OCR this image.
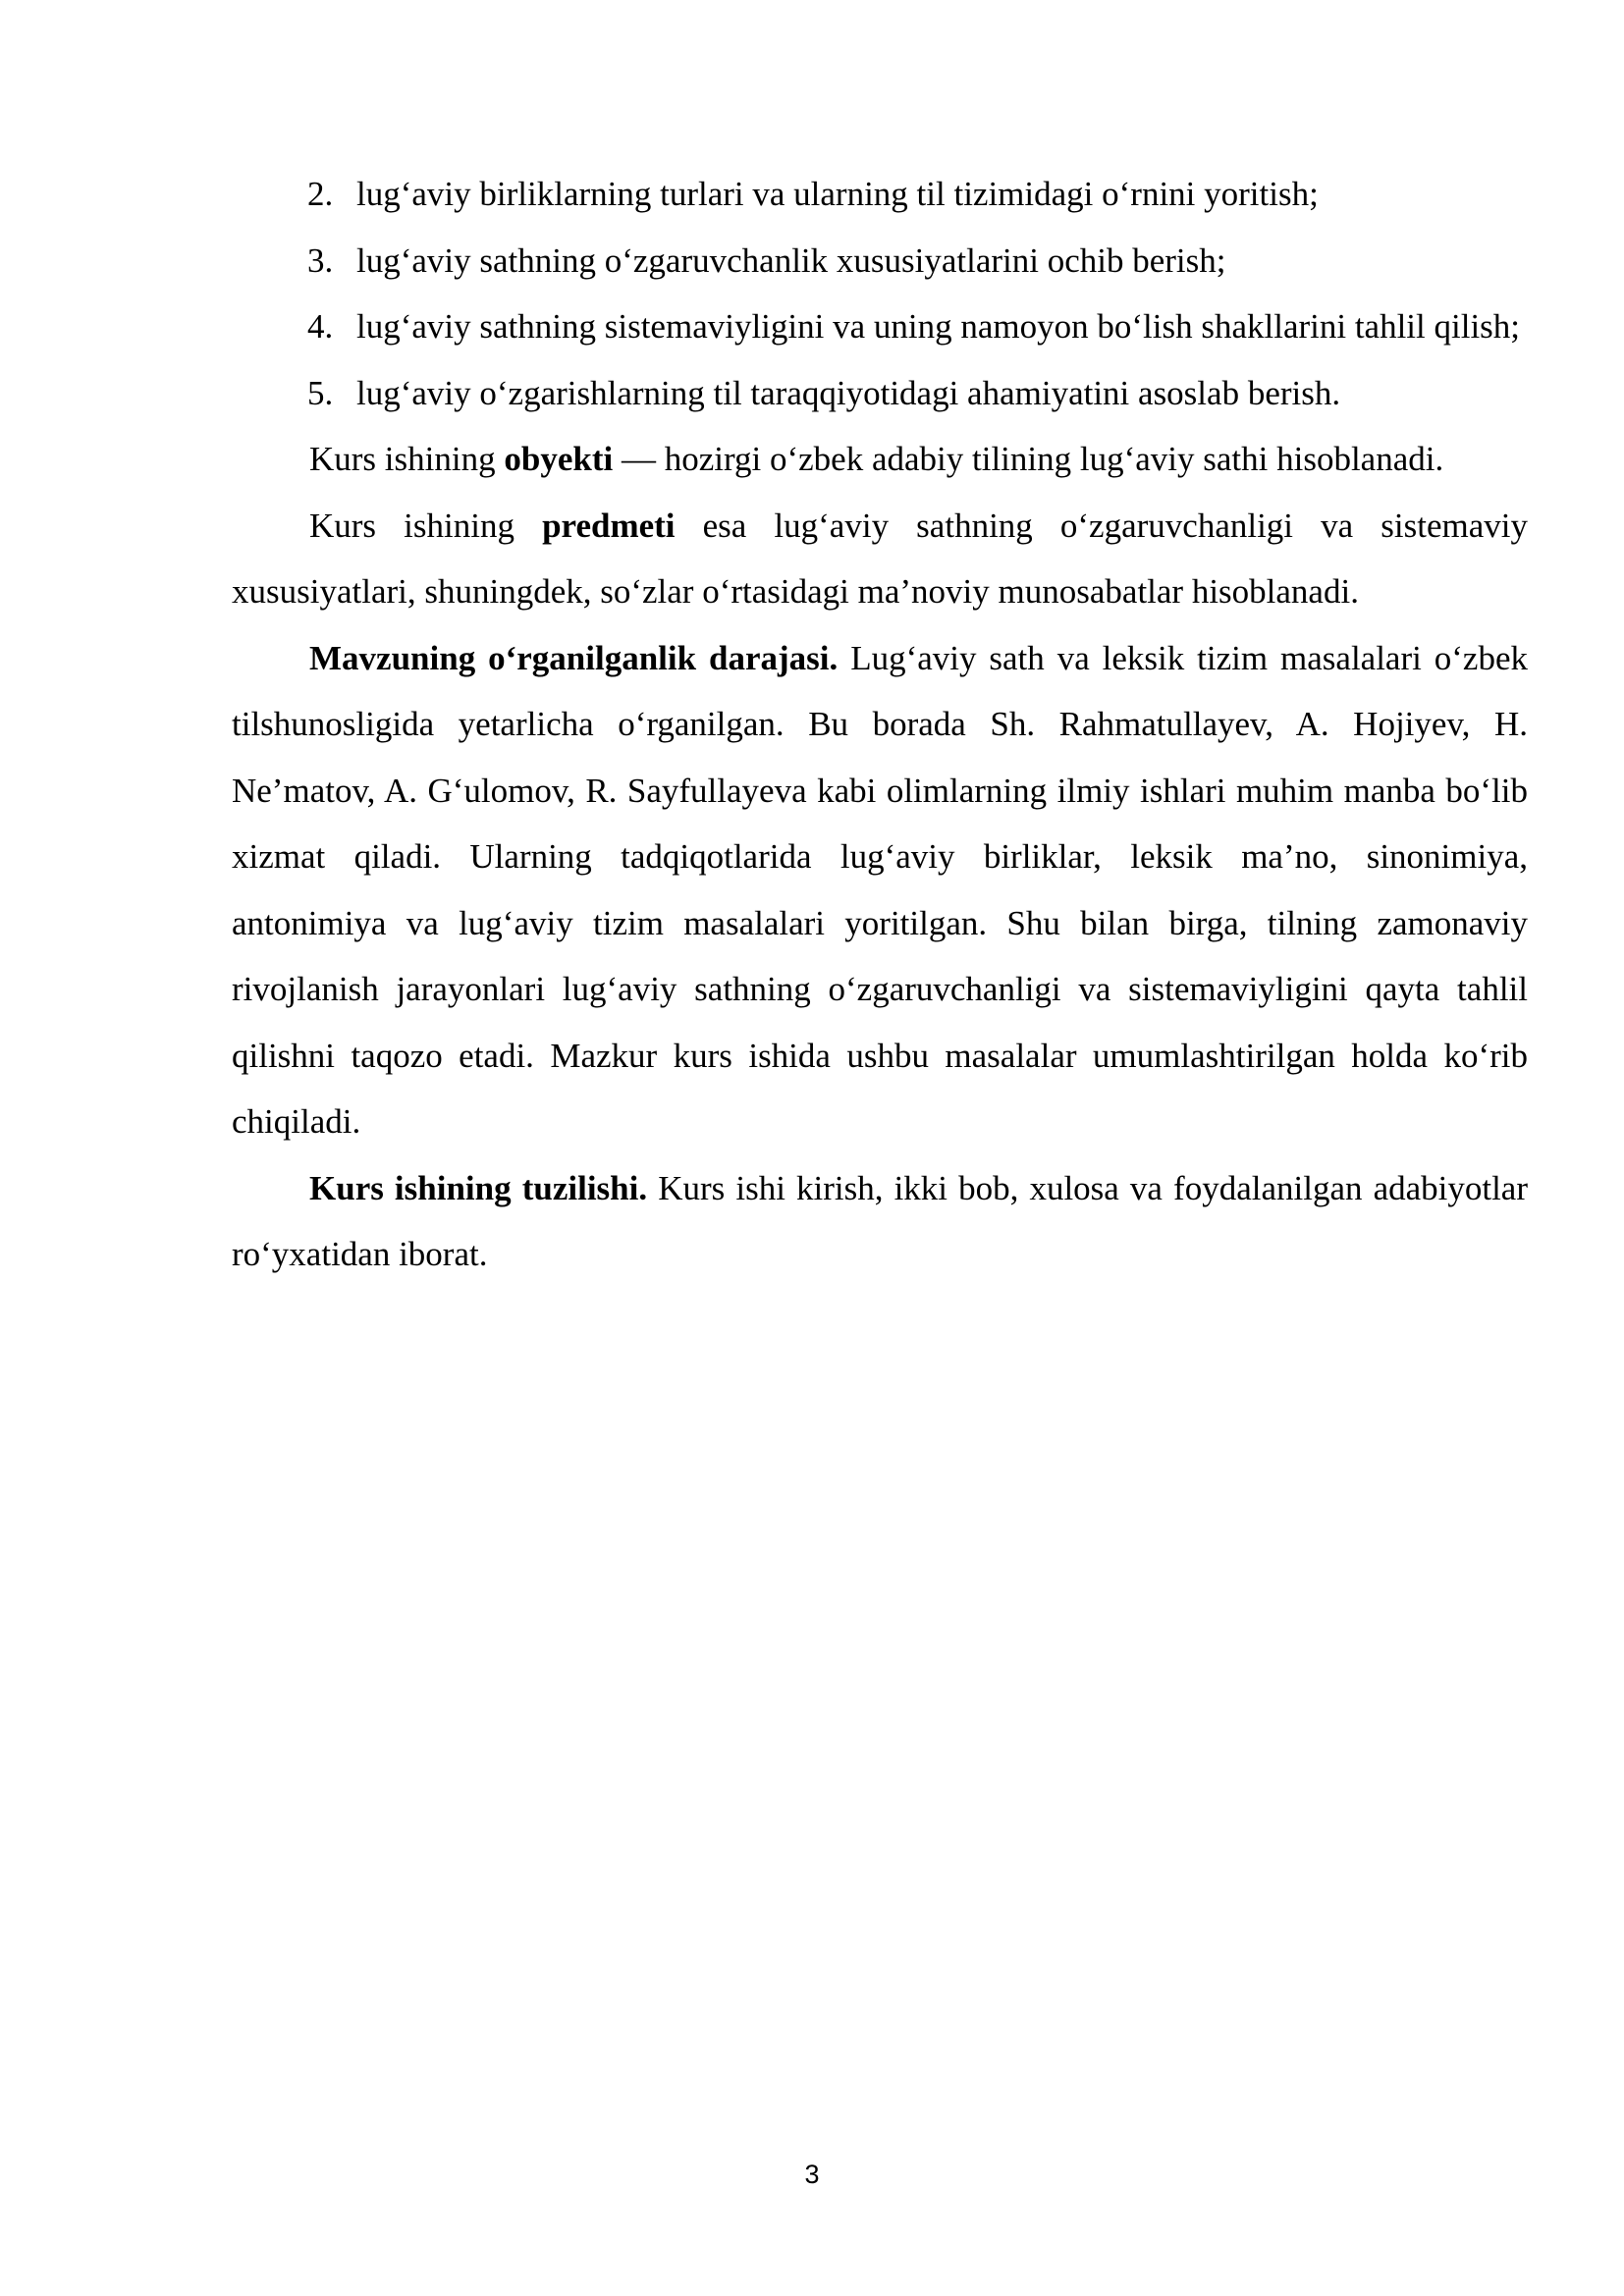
2. lug‘aviy birliklarning turlari va ularning til tizimidagi o‘rnini yoritish;
3. lug‘aviy sathning o‘zgaruvchanlik xususiyatlarini ochib berish;
4. lug‘aviy sathning sistemaviyligini va uning namoyon bo‘lish shakllarini tahlil qilish;
5. lug‘aviy o‘zgarishlarning til taraqqiyotidagi ahamiyatini asoslab berish.

Kurs ishining obyekti — hozirgi o‘zbek adabiy tilining lug‘aviy sathi hisoblanadi.

Kurs ishining predmeti esa lug‘aviy sathning o‘zgaruvchanligi va sistemaviy xususiyatlari, shuningdek, so‘zlar o‘rtasidagi ma’noviy munosabatlar hisoblanadi.

Mavzuning o‘rganilganlik darajasi. Lug‘aviy sath va leksik tizim masalalari o‘zbek tilshunosligida yetarlicha o‘rganilgan. Bu borada Sh. Rahmatullayev, A. Hojiyev, H. Ne’matov, A. G‘ulomov, R. Sayfullayeva kabi olimlarning ilmiy ishlari muhim manba bo‘lib xizmat qiladi. Ularning tadqiqotlarida lug‘aviy birliklar, leksik ma’no, sinonimiya, antonimiya va lug‘aviy tizim masalalari yoritilgan. Shu bilan birga, tilning zamonaviy rivojlanish jarayonlari lug‘aviy sathning o‘zgaruvchanligi va sistemaviyligini qayta tahlil qilishni taqozo etadi. Mazkur kurs ishida ushbu masalalar umumlashtirilgan holda ko‘rib chiqiladi.

Kurs ishining tuzilishi. Kurs ishi kirish, ikki bob, xulosa va foydalanilgan adabiyotlar ro‘yxatidan iborat.

3
